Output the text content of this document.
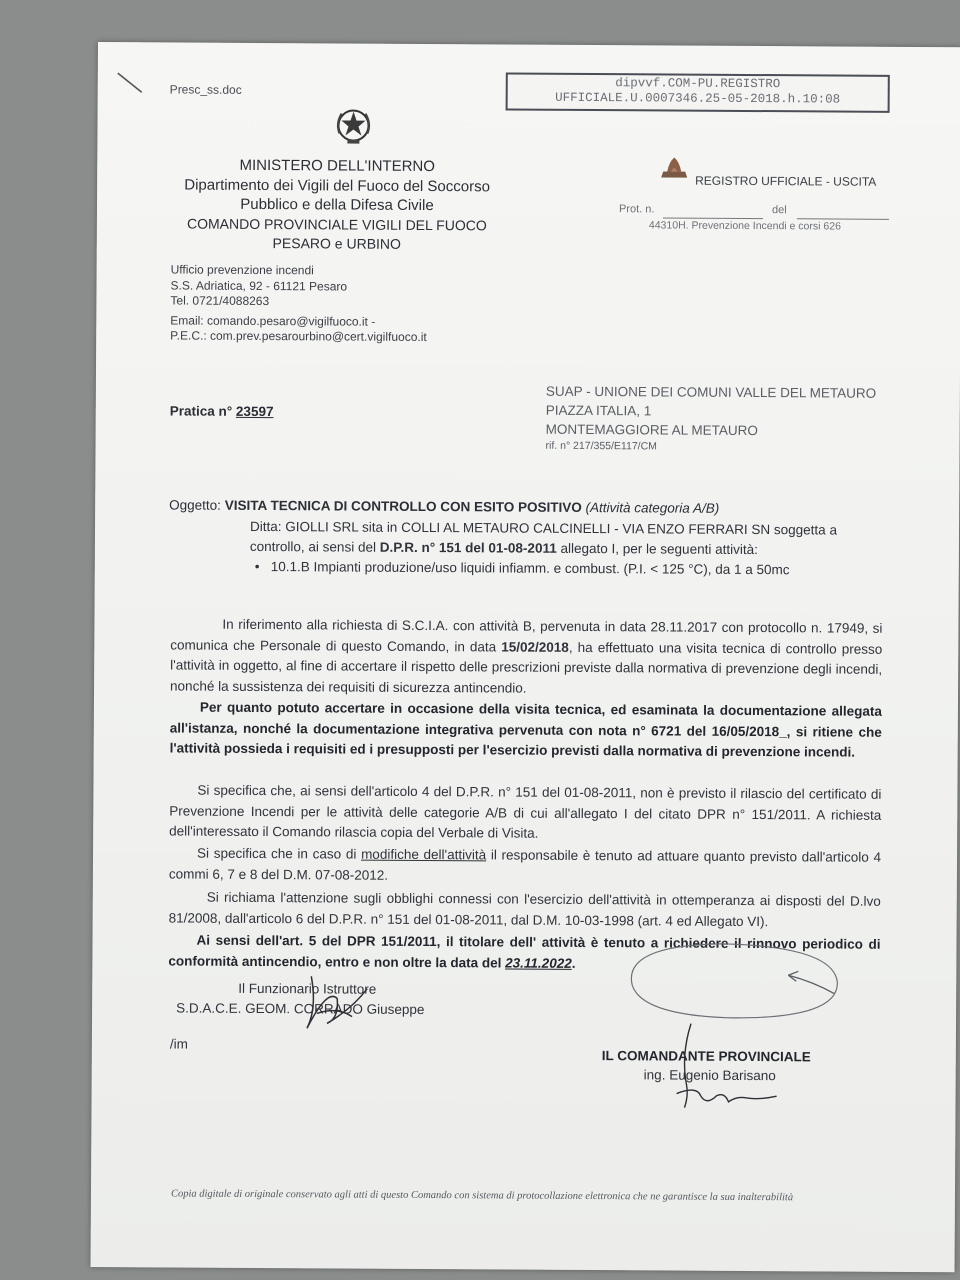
Presc_ss.doc	dipvvf.COM-PU.REGISTRO
UFFICIALE.U.0007346.25-05-2018.h.10:08
MINISTERO DELL'INTERNO
Dipartimento dei Vigili del Fuoco del Soccorso
Pubblico e della Difesa Civile
COMANDO PROVINCIALE VIGILI DEL FUOCO
PESARO e URBINO
REGISTRO UFFICIALE - USCITA
Prot. n.	del
44310H. Prevenzione Incendi e corsi 626
Ufficio prevenzione incendi
S.S. Adriatica, 92 - 61121 Pesaro
Tel. 0721/4088263
Email: comando.pesaro@vigilfuoco.it -
P.E.C.: com.prev.pesarourbino@cert.vigilfuoco.it
Pratica n° 23597
SUAP - UNIONE DEI COMUNI VALLE DEL METAURO
PIAZZA ITALIA, 1
MONTEMAGGIORE AL METAURO
rif. n° 217/355/E117/CM
Oggetto: VISITA TECNICA DI CONTROLLO CON ESITO POSITIVO (Attività categoria A/B)
Ditta: GIOLLI SRL sita in COLLI AL METAURO CALCINELLI - VIA ENZO FERRARI SN soggetta a
controllo, ai sensi del D.P.R. n° 151 del 01-08-2011 allegato I, per le seguenti attività:
• 10.1.B Impianti produzione/uso liquidi infiamm. e combust. (P.I. < 125 °C), da 1 a 50mc
In riferimento alla richiesta di S.C.I.A. con attività B, pervenuta in data 28.11.2017 con protocollo n. 17949, si comunica che Personale di questo Comando, in data 15/02/2018, ha effettuato una visita tecnica di controllo presso l'attività in oggetto, al fine di accertare il rispetto delle prescrizioni previste dalla normativa di prevenzione degli incendi, nonché la sussistenza dei requisiti di sicurezza antincendio.
Per quanto potuto accertare in occasione della visita tecnica, ed esaminata la documentazione allegata all'istanza, nonché la documentazione integrativa pervenuta con nota n° 6721 del 16/05/2018_, si ritiene che l'attività possieda i requisiti ed i presupposti per l'esercizio previsti dalla normativa di prevenzione incendi.
Si specifica che, ai sensi dell'articolo 4 del D.P.R. n° 151 del 01-08-2011, non è previsto il rilascio del certificato di Prevenzione Incendi per le attività delle categorie A/B di cui all'allegato I del citato DPR n° 151/2011. A richiesta dell'interessato il Comando rilascia copia del Verbale di Visita.
Si specifica che in caso di modifiche dell'attività il responsabile è tenuto ad attuare quanto previsto dall'articolo 4 commi 6, 7 e 8 del D.M. 07-08-2012.
Si richiama l'attenzione sugli obblighi connessi con l'esercizio dell'attività in ottemperanza ai disposti del D.lvo 81/2008, dall'articolo 6 del D.P.R. n° 151 del 01-08-2011, dal D.M. 10-03-1998 (art. 4 ed Allegato VI).
Ai sensi dell'art. 5 del DPR 151/2011, il titolare dell' attività è tenuto a richiedere il rinnovo periodico di conformità antincendio, entro e non oltre la data del 23.11.2022.
Il Funzionario Istruttore
S.D.A.C.E. GEOM. CORRADO Giuseppe
/im
IL COMANDANTE PROVINCIALE
ing. Eugenio Barisano
Copia digitale di originale conservato agli atti di questo Comando con sistema di protocollazione elettronica che ne garantisce la sua inalterabilità
